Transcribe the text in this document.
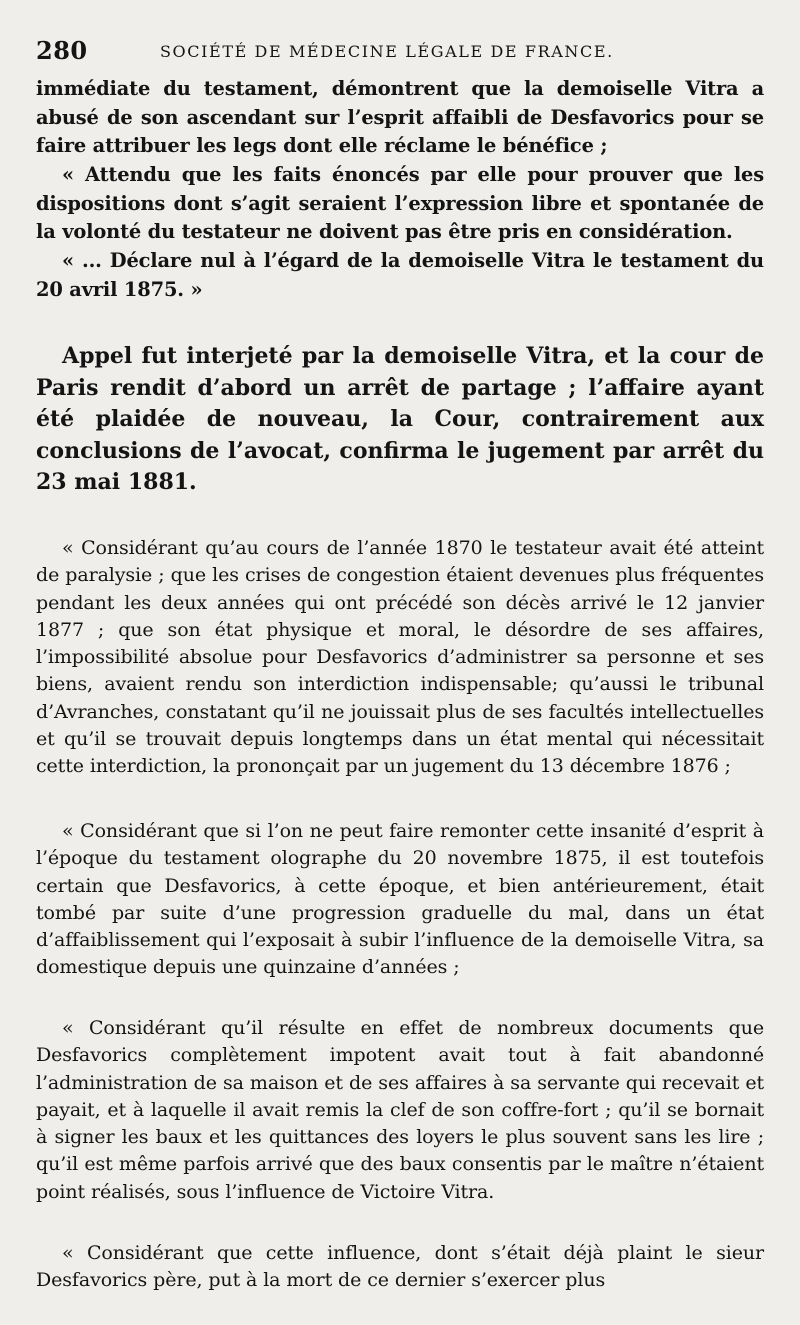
280	SOCIÉTÉ DE MÉDECINE LÉGALE DE FRANCE.

immédiate du testament, démontrent que la demoiselle Vitra a abusé de son ascendant sur l’esprit affaibli de Desfavorics pour se faire attribuer les legs dont elle réclame le bénéfice ;

« Attendu que les faits énoncés par elle pour prouver que les dispositions dont s’agit seraient l’expression libre et spontanée de la volonté du testateur ne doivent pas être pris en considération.

« ... Déclare nul à l’égard de la demoiselle Vitra le testament du 20 avril 1875. »

Appel fut interjeté par la demoiselle Vitra, et la cour de Paris rendit d’abord un arrêt de partage ; l’affaire ayant été plaidée de nouveau, la Cour, contrairement aux conclusions de l’avocat, confirma le jugement par arrêt du 23 mai 1881.

« Considérant qu’au cours de l’année 1870 le testateur avait été atteint de paralysie ; que les crises de congestion étaient devenues plus fréquentes pendant les deux années qui ont précédé son décès arrivé le 12 janvier 1877 ; que son état physique et moral, le désordre de ses affaires, l’impossibilité absolue pour Desfavorics d’administrer sa personne et ses biens, avaient rendu son interdiction indispensable; qu’aussi le tribunal d’Avranches, constatant qu’il ne jouissait plus de ses facultés intellectuelles et qu’il se trouvait depuis longtemps dans un état mental qui nécessitait cette interdiction, la prononçait par un jugement du 13 décembre 1876 ;

« Considérant que si l’on ne peut faire remonter cette insanité d’esprit à l’époque du testament olographe du 20 novembre 1875, il est toutefois certain que Desfavorics, à cette époque, et bien antérieurement, était tombé par suite d’une progression graduelle du mal, dans un état d’affaiblissement qui l’exposait à subir l’influence de la demoiselle Vitra, sa domestique depuis une quinzaine d’années ;

« Considérant qu’il résulte en effet de nombreux documents que Desfavorics complètement impotent avait tout à fait abandonné l’administration de sa maison et de ses affaires à sa servante qui recevait et payait, et à laquelle il avait remis la clef de son coffre-fort ; qu’il se bornait à signer les baux et les quittances des loyers le plus souvent sans les lire ; qu’il est même parfois arrivé que des baux consentis par le maître n’étaient point réalisés, sous l’influence de Victoire Vitra.

« Considérant que cette influence, dont s’était déjà plaint le sieur Desfavorics père, put à la mort de ce dernier s’exercer plus
